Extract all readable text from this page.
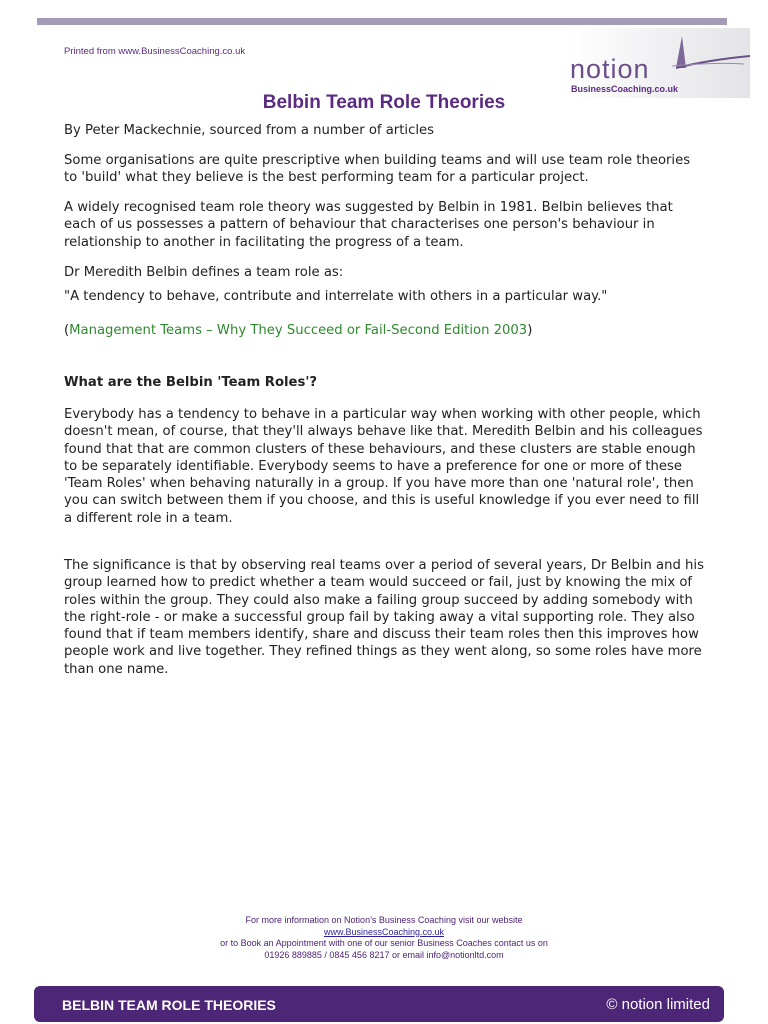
Printed from www.BusinessCoaching.co.uk
notion
BusinessCoaching.co.uk
Belbin Team Role Theories

By Peter Mackechnie, sourced from a number of articles

Some organisations are quite prescriptive when building teams and will use team role theories to 'build' what they believe is the best performing team for a particular project.

A widely recognised team role theory was suggested by Belbin in 1981. Belbin believes that each of us possesses a pattern of behaviour that characterises one person's behaviour in relationship to another in facilitating the progress of a team.

Dr Meredith Belbin defines a team role as:

"A tendency to behave, contribute and interrelate with others in a particular way."

(Management Teams – Why They Succeed or Fail-Second Edition 2003)

What are the Belbin 'Team Roles'?

Everybody has a tendency to behave in a particular way when working with other people, which doesn't mean, of course, that they'll always behave like that. Meredith Belbin and his colleagues found that that are common clusters of these behaviours, and these clusters are stable enough to be separately identifiable. Everybody seems to have a preference for one or more of these 'Team Roles' when behaving naturally in a group. If you have more than one 'natural role', then you can switch between them if you choose, and this is useful knowledge if you ever need to fill a different role in a team.

The significance is that by observing real teams over a period of several years, Dr Belbin and his group learned how to predict whether a team would succeed or fail, just by knowing the mix of roles within the group. They could also make a failing group succeed by adding somebody with the right-role - or make a successful group fail by taking away a vital supporting role. They also found that if team members identify, share and discuss their team roles then this improves how people work and live together. They refined things as they went along, so some roles have more than one name.

For more information on Notion’s Business Coaching visit our website
www.BusinessCoaching.co.uk
or to Book an Appointment with one of our senior Business Coaches contact us on
01926 889885 / 0845 456 8217 or email info@notionltd.com
BELBIN TEAM ROLE THEORIES	© notion limited
